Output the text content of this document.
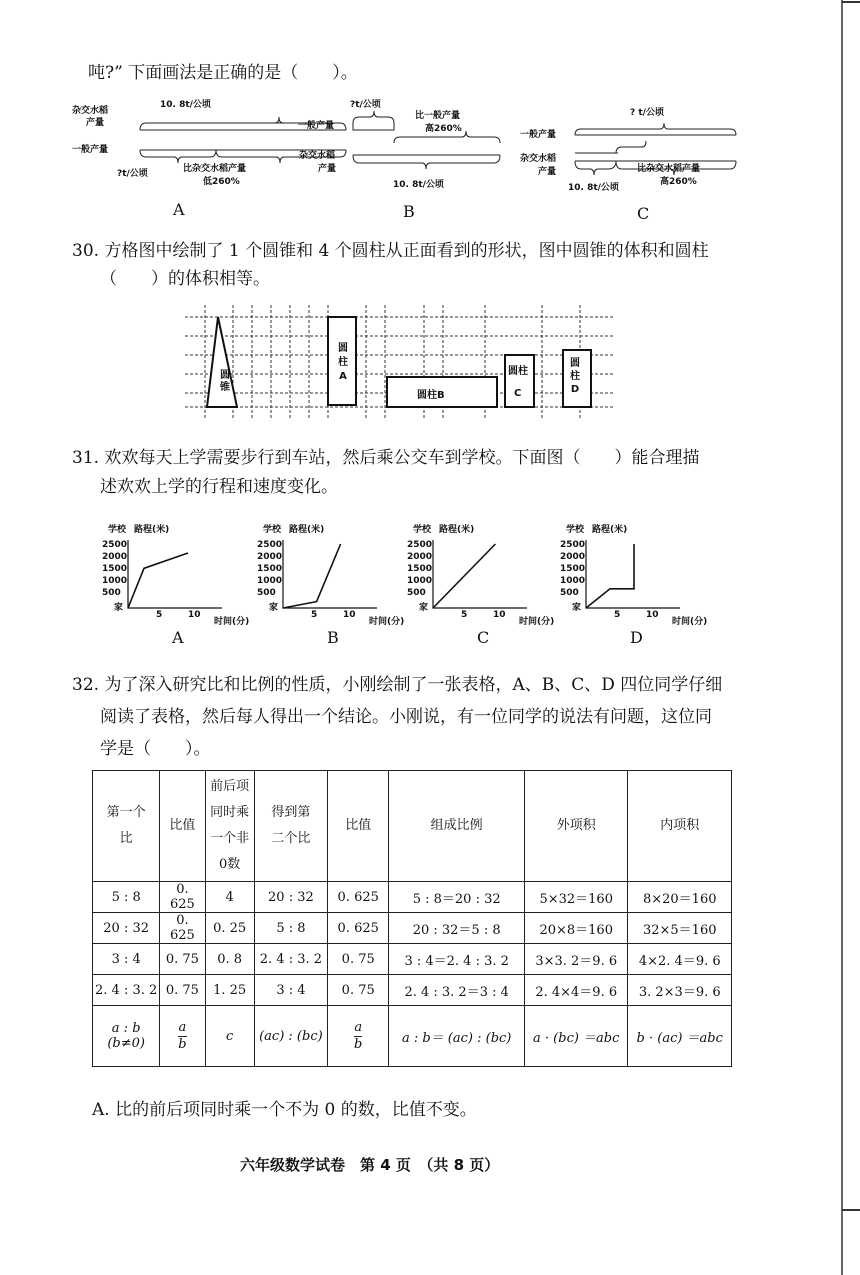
吨?” 下面画法是正确的是（　　）。
杂交水稻
产量
10. 8t/公顷
一般产量
?t/公顷	比杂交水稻产量
低260%
A
?t/公顷
一般产量
比一般产量
高260%
杂交水稻
产量
10. 8t/公顷
B
? t/公顷
一般产量
杂交水稻
产量
10. 8t/公顷
比杂交水稻产量
高260%
C
30. 方格图中绘制了 1 个圆锥和 4 个圆柱从正面看到的形状，图中圆锥的体积和圆柱
（　　）的体积相等。
圆
锥
圆
柱
A
圆柱B
圆柱
C
圆
柱
D
31. 欢欢每天上学需要步行到车站，然后乘公交车到学校。下面图（　　）能合理描
述欢欢上学的行程和速度变化。
学校 路程(米)
2500
2000
1500
1000
500
家
5	10
时间(分)
A
学校 路程(米)
2500
2000
1500
1000
500
家
5	10
时间(分)
B
学校 路程(米)
2500
2000
1500
1000
500
家
5	10
时间(分)
C
学校 路程(米)
2500
2000
1500
1000
500
家
5	10
时间(分)
D
32. 为了深入研究比和比例的性质，小刚绘制了一张表格，A、B、C、D 四位同学仔细
阅读了表格，然后每人得出一个结论。小刚说，有一位同学的说法有问题，这位同
学是（　　）。
第一个比	比值	前后项同时乘一个非0数	得到第二个比	比值	组成比例	外项积	内项积
5 : 8	0. 625	4	20 : 32	0. 625	5 : 8＝20 : 32	5×32＝160	8×20＝160
20 : 32	0. 625	0. 25	5 : 8	0. 625	20 : 32＝5 : 8	20×8＝160	32×5＝160
3 : 4	0. 75	0. 8	2. 4 : 3. 2	0. 75	3 : 4＝2. 4 : 3. 2	3×3. 2＝9. 6	4×2. 4＝9. 6
2. 4 : 3. 2	0. 75	1. 25	3 : 4	0. 75	2. 4 : 3. 2＝3 : 4	2. 4×4＝9. 6	3. 2×3＝9. 6
a : b
(b≠0)	$\frac{a}{b}$	c	(ac) : (bc)	$\frac{a}{b}$	a : b＝ (ac) : (bc)	a · (bc) ＝abc	b · (ac) ＝abc
A. 比的前后项同时乘一个不为 0 的数，比值不变。
六年级数学试卷　第 4 页　（共 8 页）
